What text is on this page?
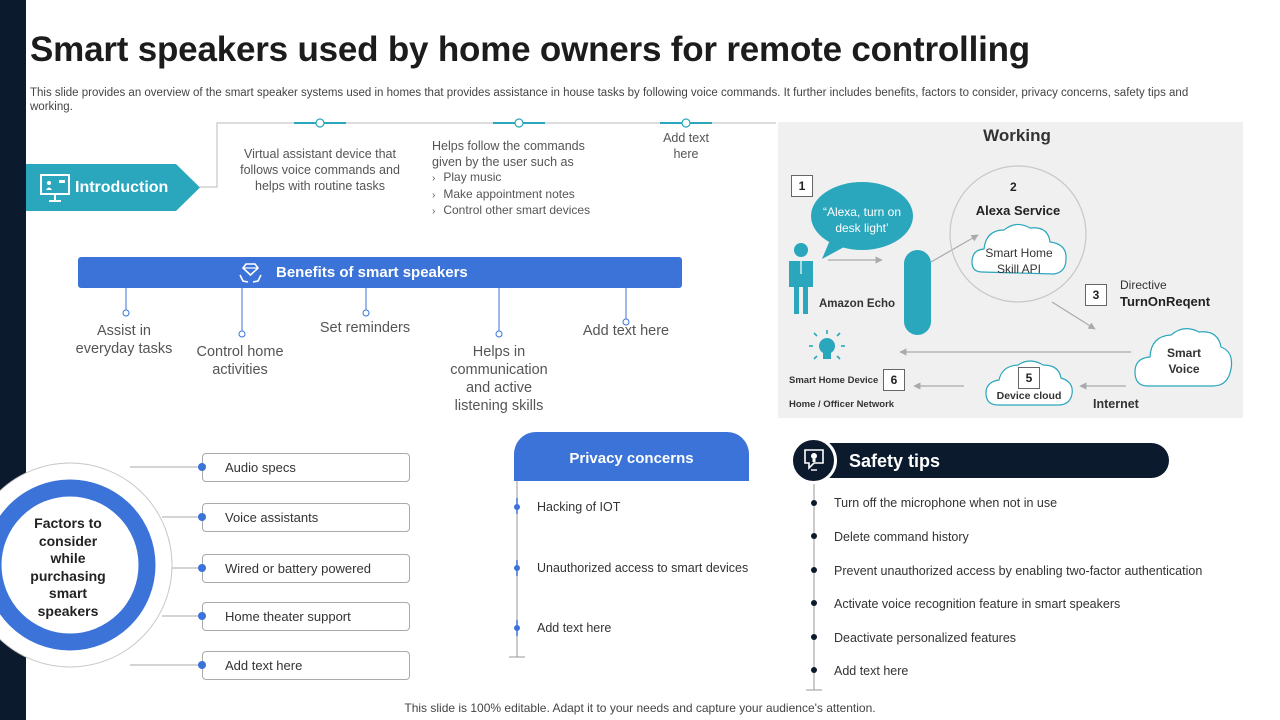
Smart speakers used by home owners for remote controlling
This slide provides an overview of the smart speaker systems used in homes that provides assistance in house tasks by following voice commands. It further includes benefits, factors to consider, privacy concerns, safety tips and working.
Introduction
Virtual assistant device that follows voice commands and helps with routine tasks
Helps follow the commands given by the user such as
› Play music
› Make appointment notes
› Control other smart devices
Add text here
Benefits of smart speakers
Assist in everyday tasks	Control home activities
Set reminders
Helps in communication and active listening skills
Add text here
Working
1
“Alexa, turn on desk light’
Amazon Echo
2
Alexa Service
Smart Home Skill API
3
Directive
TurnOnReqent
Smart Voice
5
Device cloud
Internet
6
Smart Home Device
Home / Officer Network
Factors to consider while purchasing smart speakers
Audio specs
Voice assistants
Wired or battery powered
Home theater support
Add text here
Privacy concerns
Hacking of IOT
Unauthorized access to smart devices
Add text here
Safety tips
Turn off the microphone when not in use
Delete command history
Prevent unauthorized access by enabling two-factor authentication
Activate voice recognition feature in smart speakers
Deactivate personalized features
Add text here
This slide is 100% editable. Adapt it to your needs and capture your audience's attention.
